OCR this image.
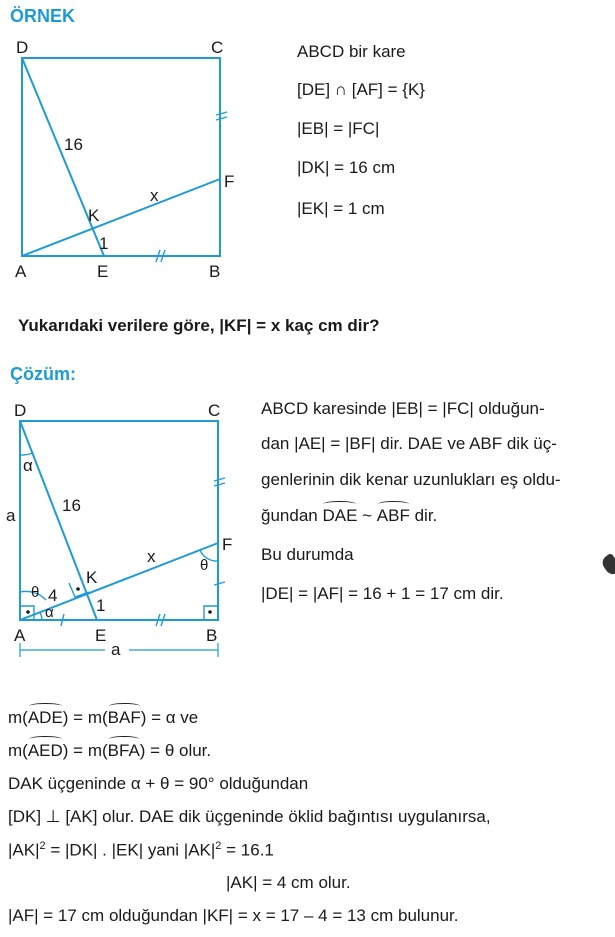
ÖRNEK
D	C
A	E	B
F
K
x
16
1
ABCD bir kare
[DE] ∩ [AF] = {K}
|EB| = |FC|
|DK| = 16 cm
|EK| = 1 cm
Yukarıdaki verilere göre, |KF| = x kaç cm dir?
Çözüm:
D	C
A	E	B
F
K
x
16
1
4
a
a
α
θ
α
θ
ABCD karesinde |EB| = |FC| olduğun-
dan |AE| = |BF| dir. DAE ve ABF dik üç-
genlerinin dik kenar uzunlukları eş oldu-
ğundan DAE ~ ABF dir.
Bu durumda
|DE| = |AF| = 16 + 1 = 17 cm dir.
m(ADE) = m(BAF) = α ve
m(AED) = m(BFA) = θ olur.
DAK üçgeninde α + θ = 90° olduğundan
[DK] ⊥ [AK] olur. DAE dik üçgeninde öklid bağıntısı uygulanırsa,
$|AK|^2 = |DK|$ . |EK| yani $|AK|^2 = 16.1$
|AK| = 4 cm olur.
|AF| = 17 cm olduğundan |KF| = x = 17 – 4 = 13 cm bulunur.
